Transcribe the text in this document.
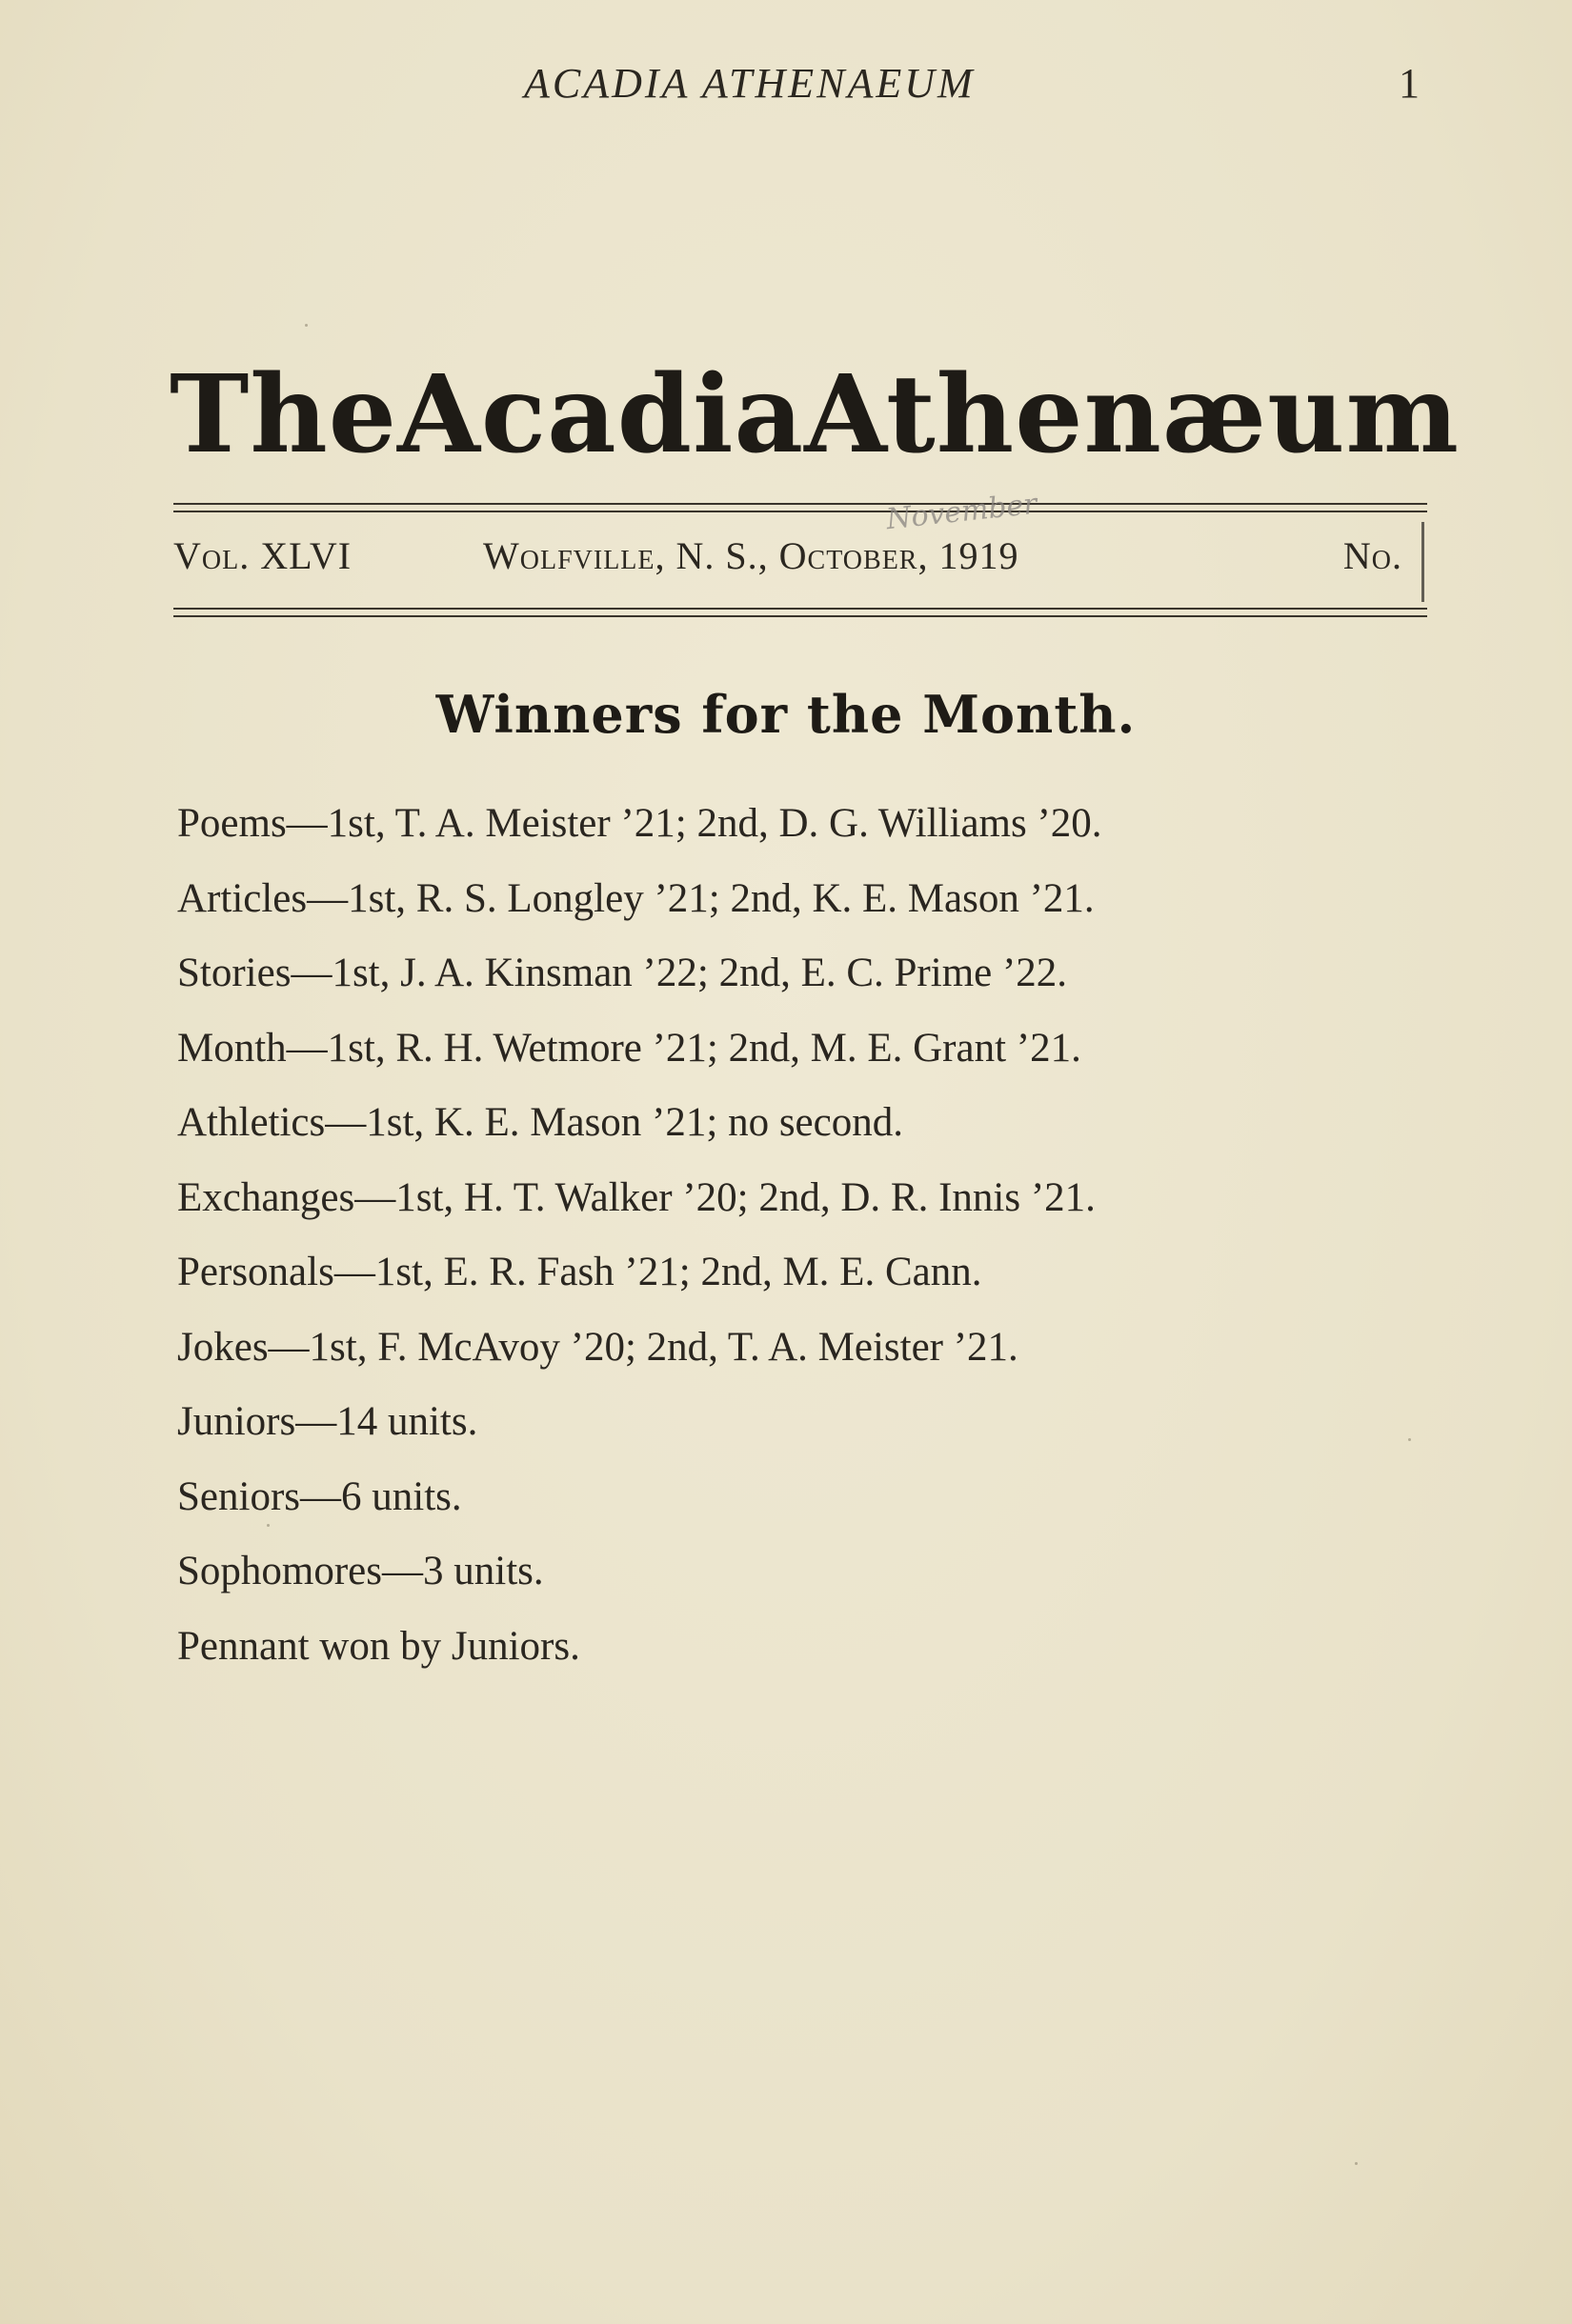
ACADIA ATHENAEUM	1
The Acadia Athenæum
November
Vol. XLVI	Wolfville, N. S., October, 1919	No.
Winners for the Month.
Poems—1st, T. A. Meister ’21; 2nd, D. G. Williams ’20.
Articles—1st, R. S. Longley ’21; 2nd, K. E. Mason ’21.
Stories—1st, J. A. Kinsman ’22; 2nd, E. C. Prime ’22.
Month—1st, R. H. Wetmore ’21; 2nd, M. E. Grant ’21.
Athletics—1st, K. E. Mason ’21; no second.
Exchanges—1st, H. T. Walker ’20; 2nd, D. R. Innis ’21.
Personals—1st, E. R. Fash ’21; 2nd, M. E. Cann.
Jokes—1st, F. McAvoy ’20; 2nd, T. A. Meister ’21.
Juniors—14 units.
Seniors—6 units.
Sophomores—3 units.
Pennant won by Juniors.
